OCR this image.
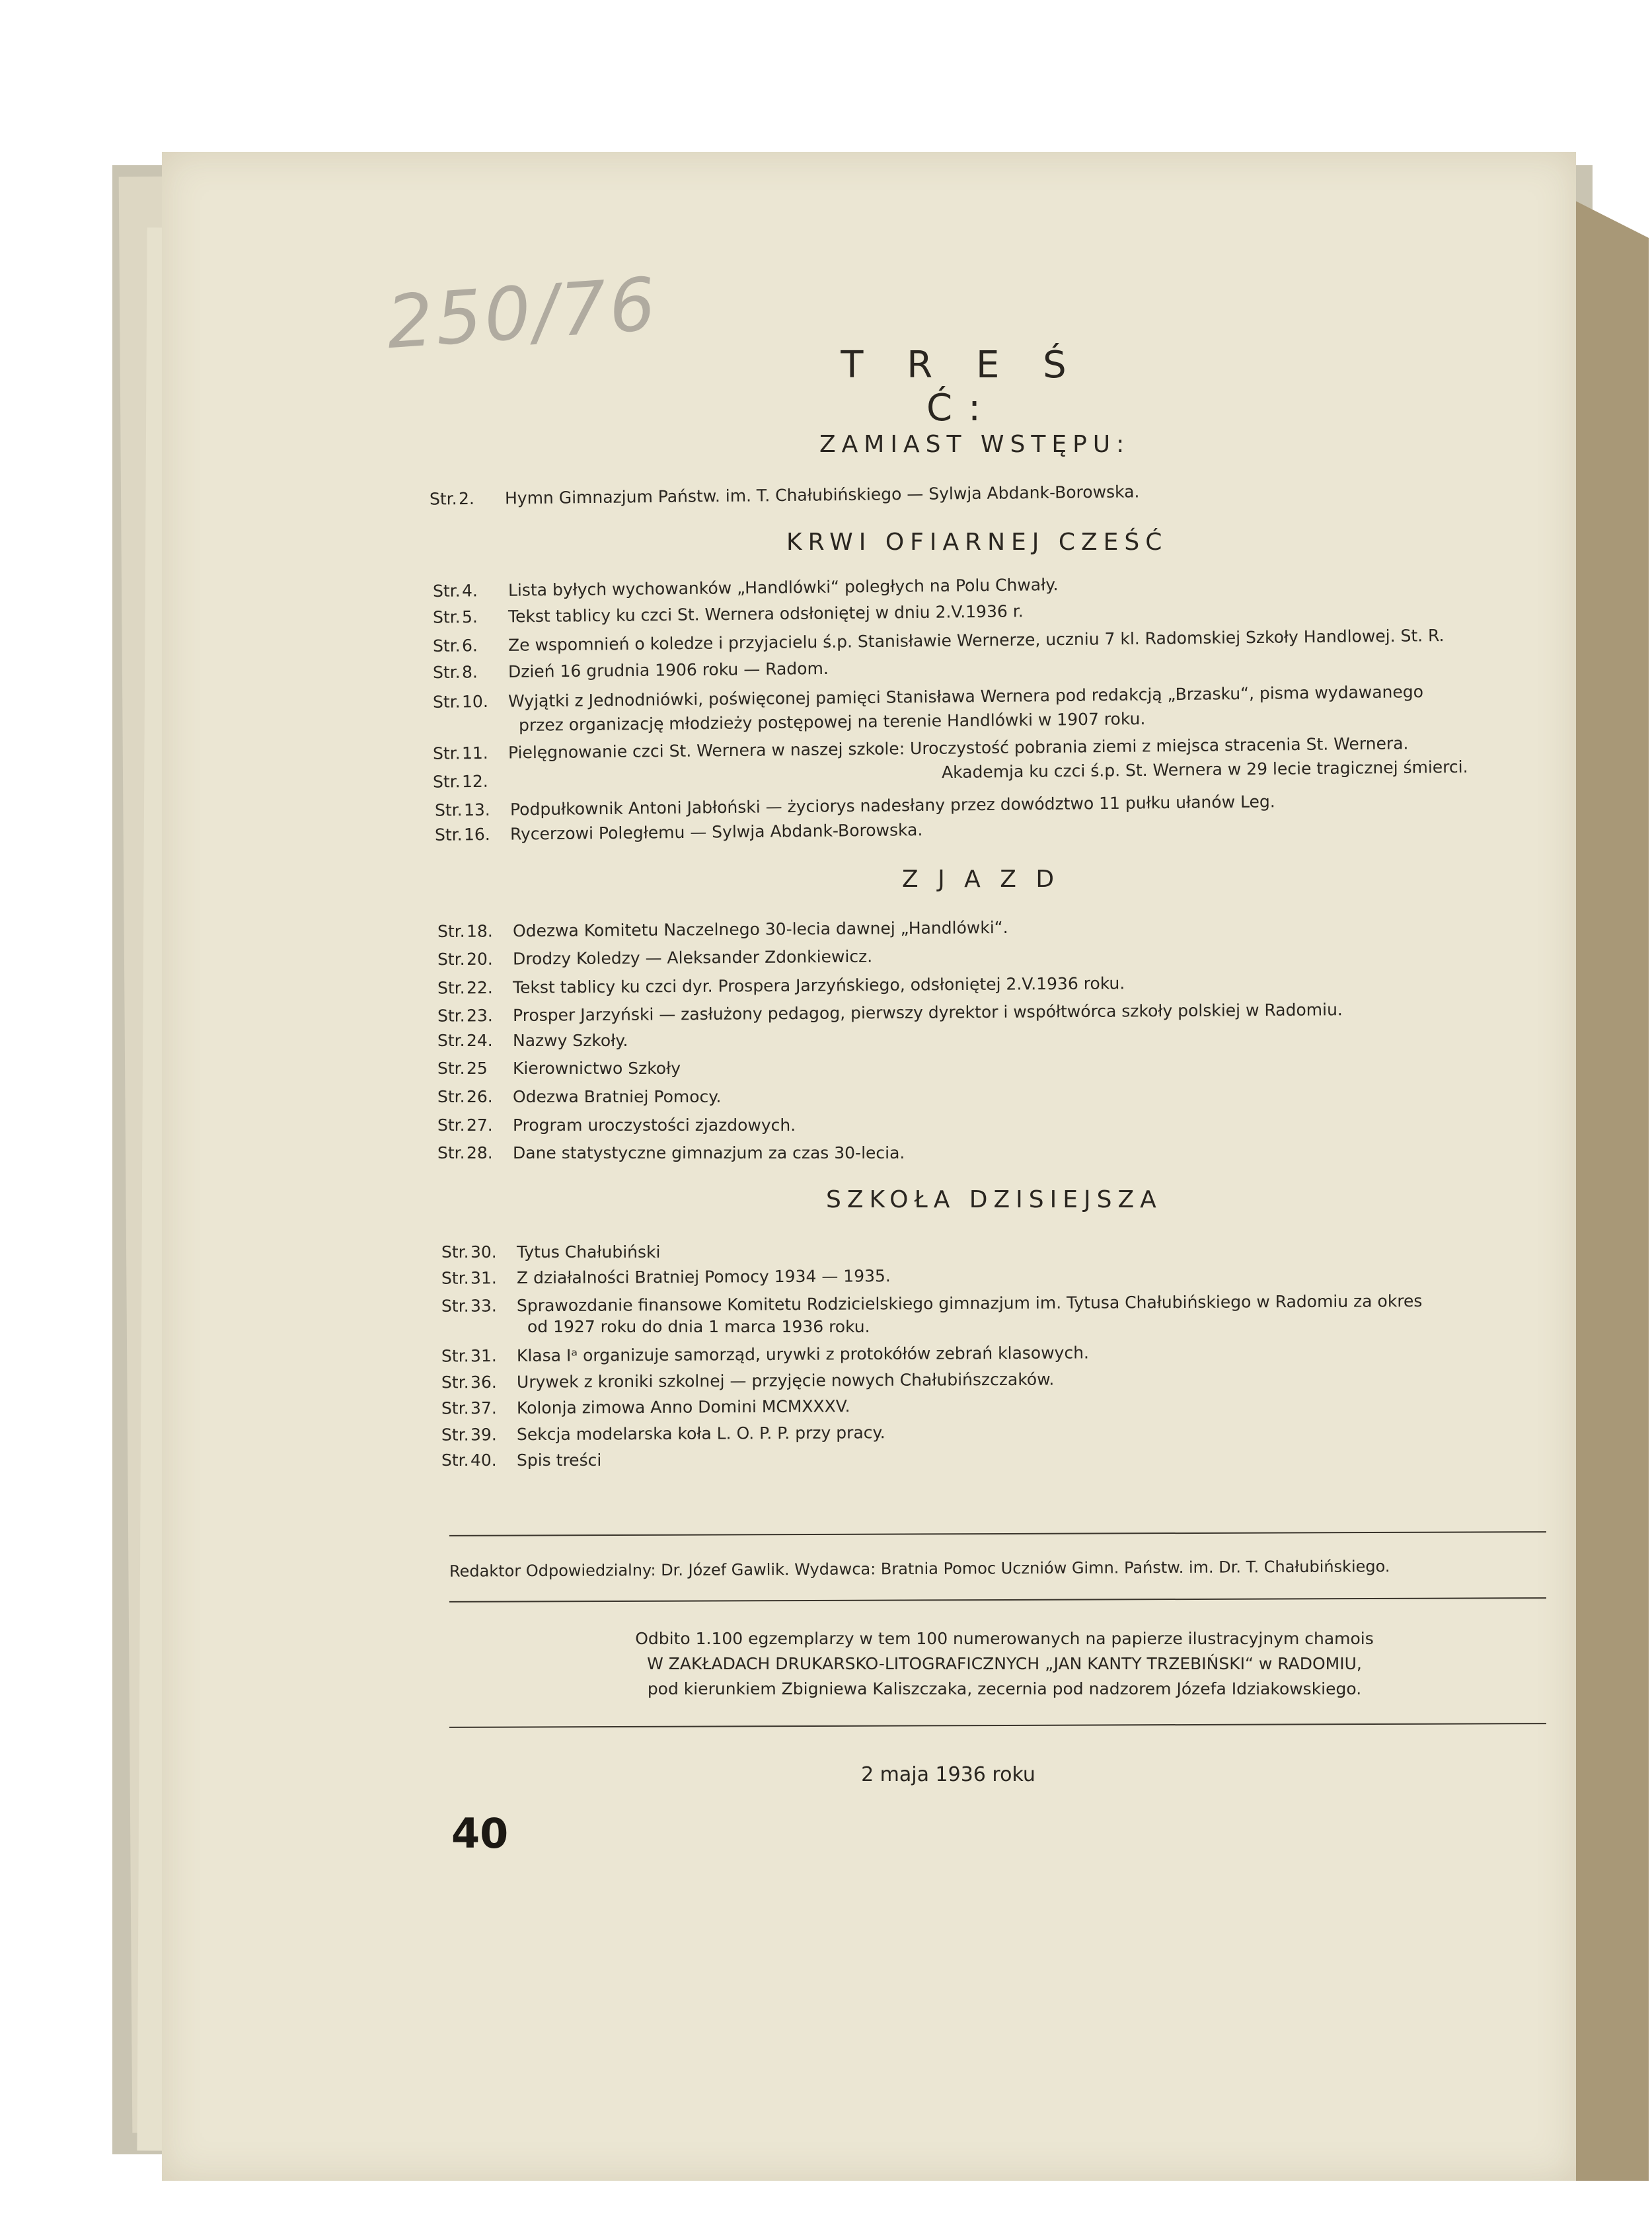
250/76
T R E Ś Ć:
ZAMIAST WSTĘPU:
Str.2. Hymn Gimnazjum Państw. im. T. Chałubińskiego — Sylwja Abdank-Borowska.
KRWI OFIARNEJ CZEŚĆ
Str.4. Lista byłych wychowanków „Handlówki“ poległych na Polu Chwały.
Str.5. Tekst tablicy ku czci St. Wernera odsłoniętej w dniu 2.V.1936 r.
Str.6. Ze wspomnień o koledze i przyjacielu ś.p. Stanisławie Wernerze, uczniu 7 kl. Radomskiej Szkoły Handlowej. St. R.
Str.8. Dzień 16 grudnia 1906 roku — Radom.
Str.10. Wyjątki z Jednodniówki, poświęconej pamięci Stanisława Wernera pod redakcją „Brzasku“, pisma wydawanego
przez organizację młodzieży postępowej na terenie Handlówki w 1907 roku.
Str.11. Pielęgnowanie czci St. Wernera w naszej szkole: Uroczystość pobrania ziemi z miejsca stracenia St. Wernera.
Akademja ku czci ś.p. St. Wernera w 29 lecie tragicznej śmierci.
Str.12.
Str.13. Podpułkownik Antoni Jabłoński — życiorys nadesłany przez dowództwo 11 pułku ułanów Leg.
Str.16. Rycerzowi Poległemu — Sylwja Abdank-Borowska.
Z J A Z D
Str.18. Odezwa Komitetu Naczelnego 30-lecia dawnej „Handlówki“.
Str.20. Drodzy Koledzy — Aleksander Zdonkiewicz.
Str.22. Tekst tablicy ku czci dyr. Prospera Jarzyńskiego, odsłoniętej 2.V.1936 roku.
Str.23. Prosper Jarzyński — zasłużony pedagog, pierwszy dyrektor i współtwórca szkoły polskiej w Radomiu.
Str.24. Nazwy Szkoły.
Str.25 Kierownictwo Szkoły
Str.26. Odezwa Bratniej Pomocy.
Str.27. Program uroczystości zjazdowych.
Str.28. Dane statystyczne gimnazjum za czas 30-lecia.
SZKOŁA DZISIEJSZA
Str.30. Tytus Chałubiński
Str.31. Z działalności Bratniej Pomocy 1934 — 1935.
Str.33. Sprawozdanie finansowe Komitetu Rodzicielskiego gimnazjum im. Tytusa Chałubińskiego w Radomiu za okres
od 1927 roku do dnia 1 marca 1936 roku.
Str.31. Klasa Iᵃ organizuje samorząd, urywki z protokółów zebrań klasowych.
Str.36. Urywek z kroniki szkolnej — przyjęcie nowych Chałubińszczaków.
Str.37. Kolonja zimowa Anno Domini MCMXXXV.
Str.39. Sekcja modelarska koła L. O. P. P. przy pracy.
Str.40. Spis treści
Redaktor Odpowiedzialny: Dr. Józef Gawlik. Wydawca: Bratnia Pomoc Uczniów Gimn. Państw. im. Dr. T. Chałubińskiego.
Odbito 1.100 egzemplarzy w tem 100 numerowanych na papierze ilustracyjnym chamois
W ZAKŁADACH DRUKARSKO-LITOGRAFICZNYCH „JAN KANTY TRZEBIŃSKI“ w RADOMIU,
pod kierunkiem Zbigniewa Kaliszczaka, zecernia pod nadzorem Józefa Idziakowskiego.
2 maja 1936 roku
40
